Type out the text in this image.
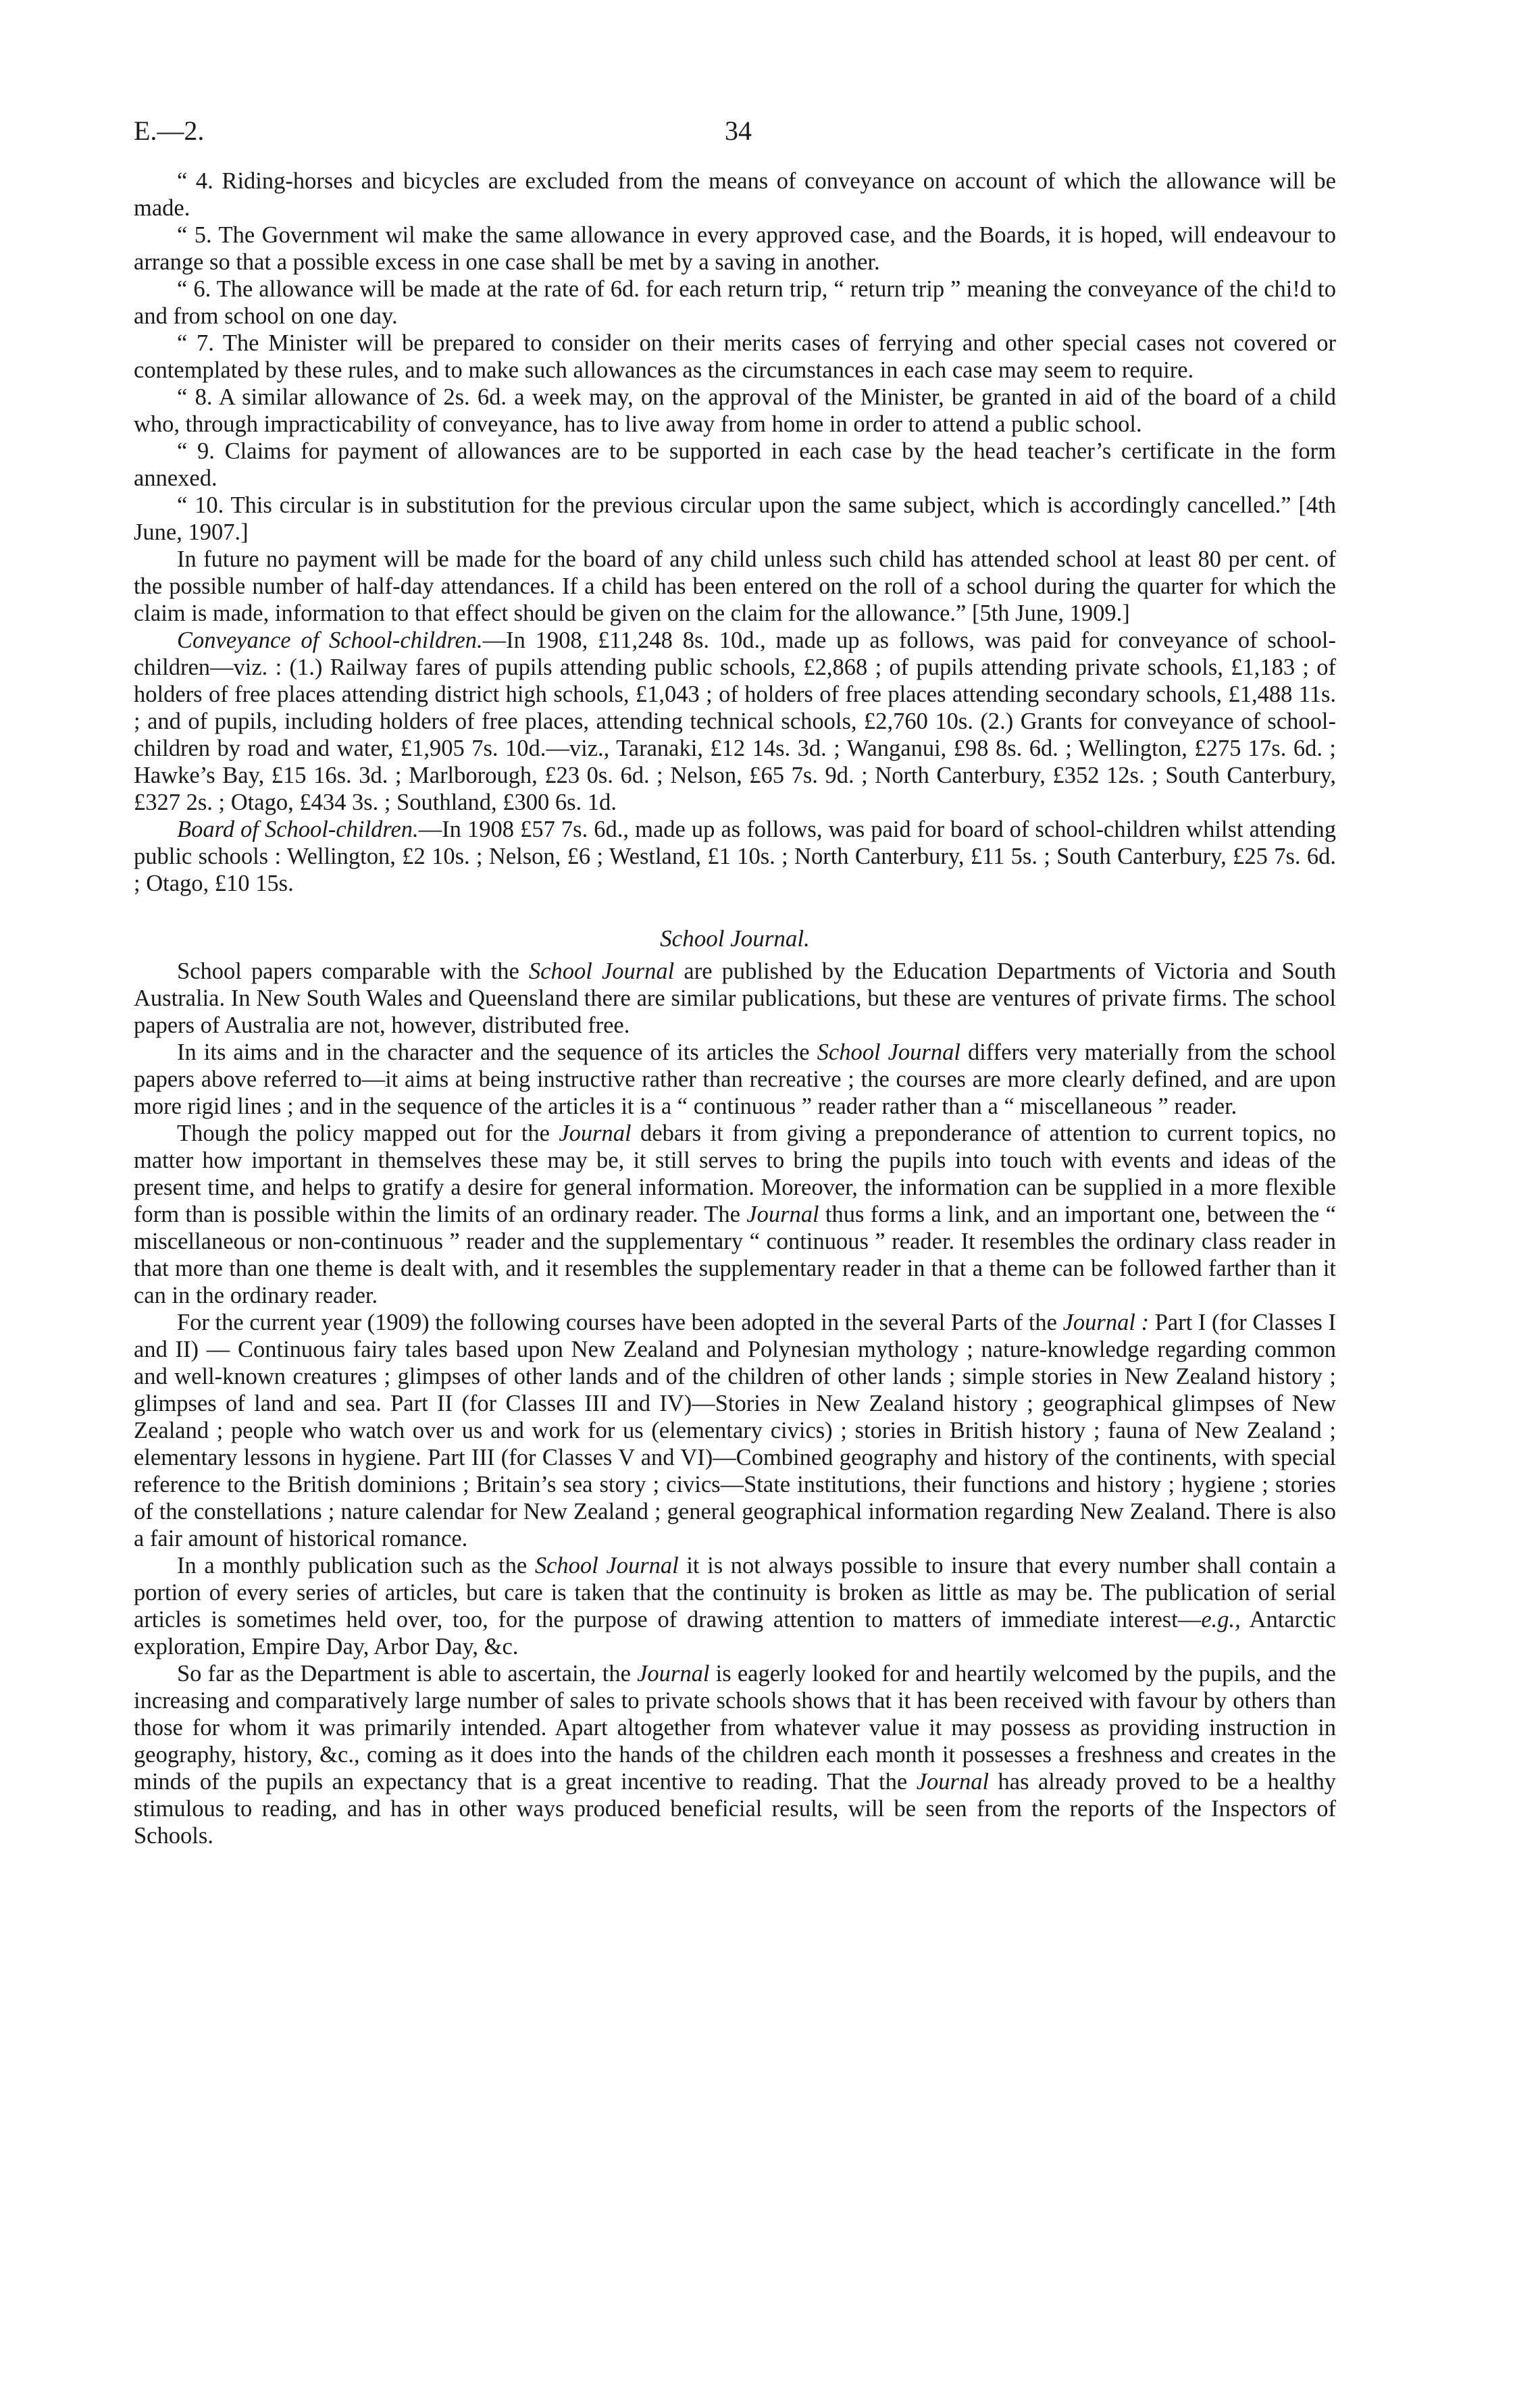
E.—2.	34

“ 4. Riding-horses and bicycles are excluded from the means of conveyance on account of which the allowance will be made.

“ 5. The Government wil make the same allowance in every approved case, and the Boards, it is hoped, will endeavour to arrange so that a possible excess in one case shall be met by a saving in another.

“ 6. The allowance will be made at the rate of 6d. for each return trip, “ return trip ” meaning the conveyance of the chi!d to and from school on one day.

“ 7. The Minister will be prepared to consider on their merits cases of ferrying and other special cases not covered or contemplated by these rules, and to make such allowances as the circumstances in each case may seem to require.

“ 8. A similar allowance of 2s. 6d. a week may, on the approval of the Minister, be granted in aid of the board of a child who, through impracticability of conveyance, has to live away from home in order to attend a public school.

“ 9. Claims for payment of allowances are to be supported in each case by the head teacher’s certificate in the form annexed.

“ 10. This circular is in substitution for the previous circular upon the same subject, which is accordingly cancelled.” [4th June, 1907.]

In future no payment will be made for the board of any child unless such child has attended school at least 80 per cent. of the possible number of half-day attendances. If a child has been entered on the roll of a school during the quarter for which the claim is made, information to that effect should be given on the claim for the allowance.” [5th June, 1909.]

Conveyance of School-children.—In 1908, £11,248 8s. 10d., made up as follows, was paid for conveyance of school-children—viz. : (1.) Railway fares of pupils attending public schools, £2,868 ; of pupils attending private schools, £1,183 ; of holders of free places attending district high schools, £1,043 ; of holders of free places attending secondary schools, £1,488 11s. ; and of pupils, including holders of free places, attending technical schools, £2,760 10s. (2.) Grants for conveyance of school-children by road and water, £1,905 7s. 10d.—viz., Taranaki, £12 14s. 3d. ; Wanganui, £98 8s. 6d. ; Wellington, £275 17s. 6d. ; Hawke’s Bay, £15 16s. 3d. ; Marlborough, £23 0s. 6d. ; Nelson, £65 7s. 9d. ; North Canterbury, £352 12s. ; South Canterbury, £327 2s. ; Otago, £434 3s. ; Southland, £300 6s. 1d.

Board of School-children.—In 1908 £57 7s. 6d., made up as follows, was paid for board of school-children whilst attending public schools : Wellington, £2 10s. ; Nelson, £6 ; Westland, £1 10s. ; North Canterbury, £11 5s. ; South Canterbury, £25 7s. 6d. ; Otago, £10 15s.

School Journal.

School papers comparable with the School Journal are published by the Education Departments of Victoria and South Australia. In New South Wales and Queensland there are similar publications, but these are ventures of private firms. The school papers of Australia are not, however, distributed free.

In its aims and in the character and the sequence of its articles the School Journal differs very materially from the school papers above referred to—it aims at being instructive rather than recreative ; the courses are more clearly defined, and are upon more rigid lines ; and in the sequence of the articles it is a “ continuous ” reader rather than a “ miscellaneous ” reader.

Though the policy mapped out for the Journal debars it from giving a preponderance of attention to current topics, no matter how important in themselves these may be, it still serves to bring the pupils into touch with events and ideas of the present time, and helps to gratify a desire for general information. Moreover, the information can be supplied in a more flexible form than is possible within the limits of an ordinary reader. The Journal thus forms a link, and an important one, between the “ miscellaneous or non-continuous ” reader and the supplementary “ continuous ” reader. It resembles the ordinary class reader in that more than one theme is dealt with, and it resembles the supplementary reader in that a theme can be followed farther than it can in the ordinary reader.

For the current year (1909) the following courses have been adopted in the several Parts of the Journal : Part I (for Classes I and II) — Continuous fairy tales based upon New Zealand and Polynesian mythology ; nature-knowledge regarding common and well-known creatures ; glimpses of other lands and of the children of other lands ; simple stories in New Zealand history ; glimpses of land and sea. Part II (for Classes III and IV)—Stories in New Zealand history ; geographical glimpses of New Zealand ; people who watch over us and work for us (elementary civics) ; stories in British history ; fauna of New Zealand ; elementary lessons in hygiene. Part III (for Classes V and VI)—Combined geography and history of the continents, with special reference to the British dominions ; Britain’s sea story ; civics—State institutions, their functions and history ; hygiene ; stories of the constellations ; nature calendar for New Zealand ; general geographical information regarding New Zealand. There is also a fair amount of historical romance.

In a monthly publication such as the School Journal it is not always possible to insure that every number shall contain a portion of every series of articles, but care is taken that the continuity is broken as little as may be. The publication of serial articles is sometimes held over, too, for the purpose of drawing attention to matters of immediate interest—e.g., Antarctic exploration, Empire Day, Arbor Day, &c.

So far as the Department is able to ascertain, the Journal is eagerly looked for and heartily welcomed by the pupils, and the increasing and comparatively large number of sales to private schools shows that it has been received with favour by others than those for whom it was primarily intended. Apart altogether from whatever value it may possess as providing instruction in geography, history, &c., coming as it does into the hands of the children each month it possesses a freshness and creates in the minds of the pupils an expectancy that is a great incentive to reading. That the Journal has already proved to be a healthy stimulous to reading, and has in other ways produced beneficial results, will be seen from the reports of the Inspectors of Schools.
